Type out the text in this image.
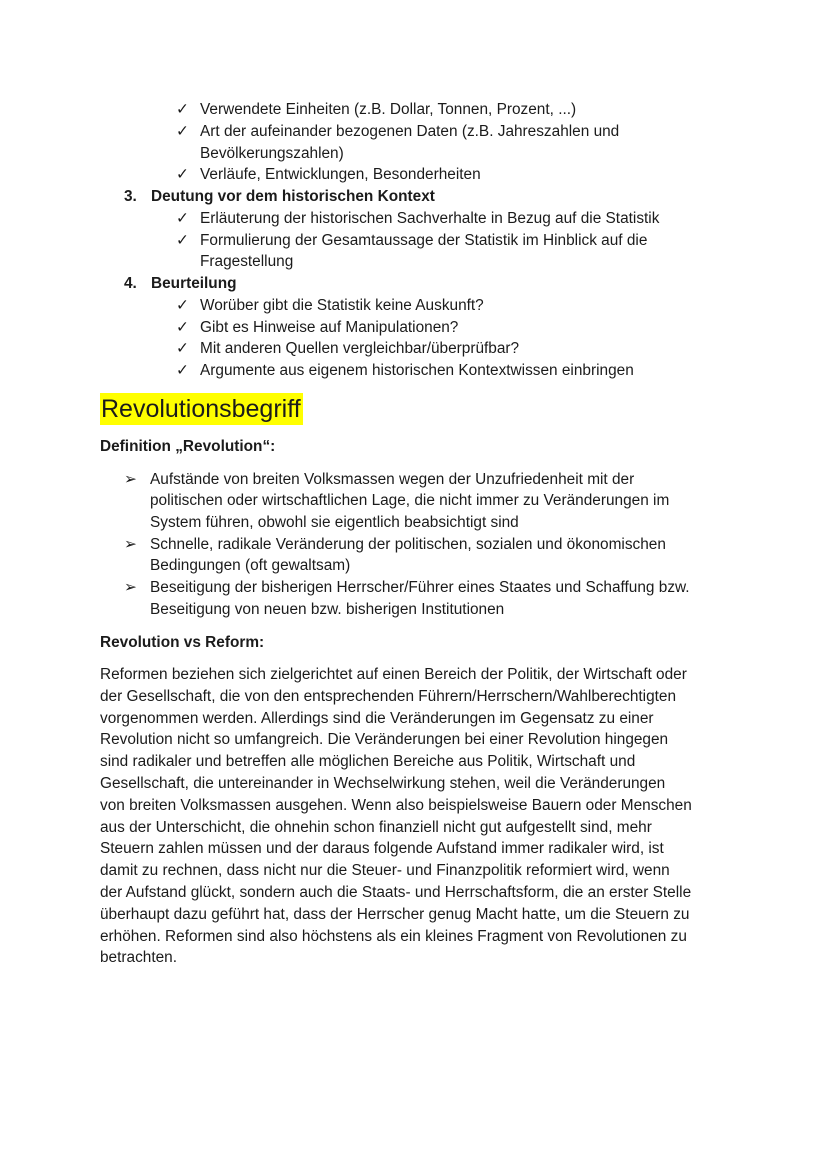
✓ Verwendete Einheiten (z.B. Dollar, Tonnen, Prozent, ...)
✓ Art der aufeinander bezogenen Daten (z.B. Jahreszahlen und
Bevölkerungszahlen)
✓ Verläufe, Entwicklungen, Besonderheiten
3. Deutung vor dem historischen Kontext
✓ Erläuterung der historischen Sachverhalte in Bezug auf die Statistik
✓ Formulierung der Gesamtaussage der Statistik im Hinblick auf die
Fragestellung
4. Beurteilung
✓ Worüber gibt die Statistik keine Auskunft?
✓ Gibt es Hinweise auf Manipulationen?
✓ Mit anderen Quellen vergleichbar/überprüfbar?
✓ Argumente aus eigenem historischen Kontextwissen einbringen
Revolutionsbegriff
Definition „Revolution“:
➢ Aufstände von breiten Volksmassen wegen der Unzufriedenheit mit der
politischen oder wirtschaftlichen Lage, die nicht immer zu Veränderungen im
System führen, obwohl sie eigentlich beabsichtigt sind
➢ Schnelle, radikale Veränderung der politischen, sozialen und ökonomischen
Bedingungen (oft gewaltsam)
➢ Beseitigung der bisherigen Herrscher/Führer eines Staates und Schaffung bzw.
Beseitigung von neuen bzw. bisherigen Institutionen
Revolution vs Reform:
Reformen beziehen sich zielgerichtet auf einen Bereich der Politik, der Wirtschaft oder
der Gesellschaft, die von den entsprechenden Führern/Herrschern/Wahlberechtigten
vorgenommen werden. Allerdings sind die Veränderungen im Gegensatz zu einer
Revolution nicht so umfangreich. Die Veränderungen bei einer Revolution hingegen
sind radikaler und betreffen alle möglichen Bereiche aus Politik, Wirtschaft und
Gesellschaft, die untereinander in Wechselwirkung stehen, weil die Veränderungen
von breiten Volksmassen ausgehen. Wenn also beispielsweise Bauern oder Menschen
aus der Unterschicht, die ohnehin schon finanziell nicht gut aufgestellt sind, mehr
Steuern zahlen müssen und der daraus folgende Aufstand immer radikaler wird, ist
damit zu rechnen, dass nicht nur die Steuer- und Finanzpolitik reformiert wird, wenn
der Aufstand glückt, sondern auch die Staats- und Herrschaftsform, die an erster Stelle
überhaupt dazu geführt hat, dass der Herrscher genug Macht hatte, um die Steuern zu
erhöhen. Reformen sind also höchstens als ein kleines Fragment von Revolutionen zu
betrachten.
